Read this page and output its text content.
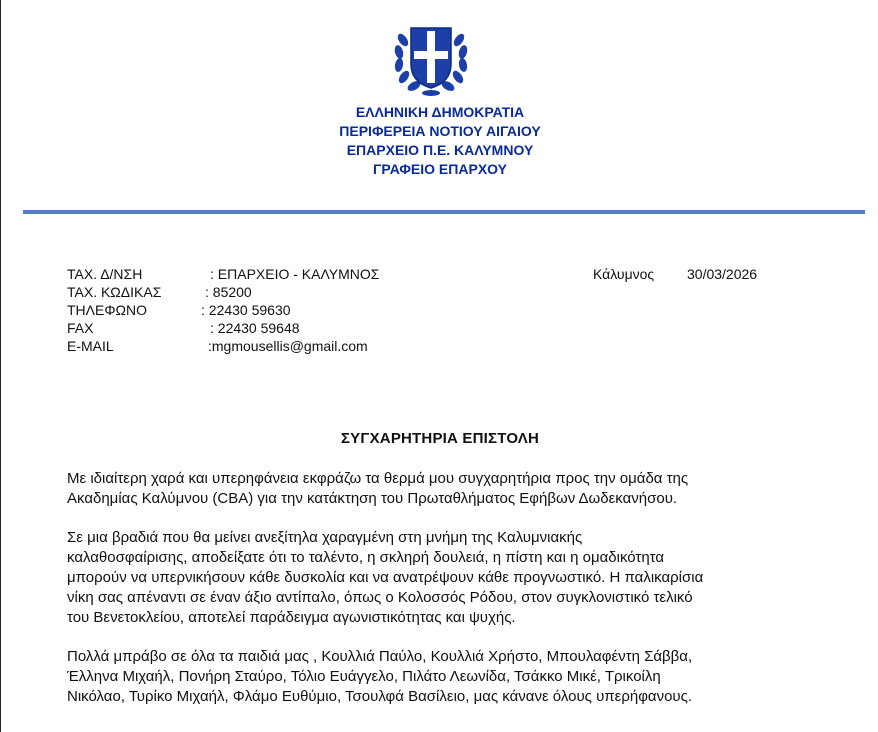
ΕΛΛΗΝΙΚΗ ΔΗΜΟΚΡΑΤΙΑ
ΠΕΡΙΦΕΡΕΙΑ ΝΟΤΙΟΥ ΑΙΓΑΙΟΥ
ΕΠΑΡΧΕΙΟ Π.Ε. ΚΑΛΥΜΝΟΥ
ΓΡΑΦΕΙΟ ΕΠΑΡΧΟΥ
ΤΑΧ. Δ/ΝΣΗ	: ΕΠΑΡΧΕΙΟ - ΚΑΛΥΜΝΟΣ
ΤΑΧ. ΚΩΔΙΚΑΣ	: 85200
ΤΗΛΕΦΩΝΟ	: 22430 59630
FAX	: 22430 59648
E-MAIL	:mgmousellis@gmail.com
Κάλυμνος 30/03/2026
ΣΥΓΧΑΡΗΤΗΡΙΑ ΕΠΙΣΤΟΛΗ

Με ιδιαίτερη χαρά και υπερηφάνεια εκφράζω τα θερμά μου συγχαρητήρια προς την ομάδα της
Ακαδημίας Καλύμνου (CBA) για την κατάκτηση του Πρωταθλήματος Εφήβων Δωδεκανήσου.

Σε μια βραδιά που θα μείνει ανεξίτηλα χαραγμένη στη μνήμη της Καλυμνιακής
καλαθοσφαίρισης, αποδείξατε ότι το ταλέντο, η σκληρή δουλειά, η πίστη και η ομαδικότητα
μπορούν να υπερνικήσουν κάθε δυσκολία και να ανατρέψουν κάθε προγνωστικό. Η παλικαρίσια
νίκη σας απέναντι σε έναν άξιο αντίπαλο, όπως ο Κολοσσός Ρόδου, στον συγκλονιστικό τελικό
του Βενετοκλείου, αποτελεί παράδειγμα αγωνιστικότητας και ψυχής.

Πολλά μπράβο σε όλα τα παιδιά μας , Κουλλιά Παύλο, Κουλλιά Χρήστο, Μπουλαφέντη Σάββα,
Έλληνα Μιχαήλ, Πονήρη Σταύρο, Τόλιο Ευάγγελο, Πιλάτο Λεωνίδα, Τσάκκο Μικέ, Τρικοίλη
Νικόλαο, Τυρίκο Μιχαήλ, Φλάμο Ευθύμιο, Τσουλφά Βασίλειο, μας κάνανε όλους υπερήφανους.
